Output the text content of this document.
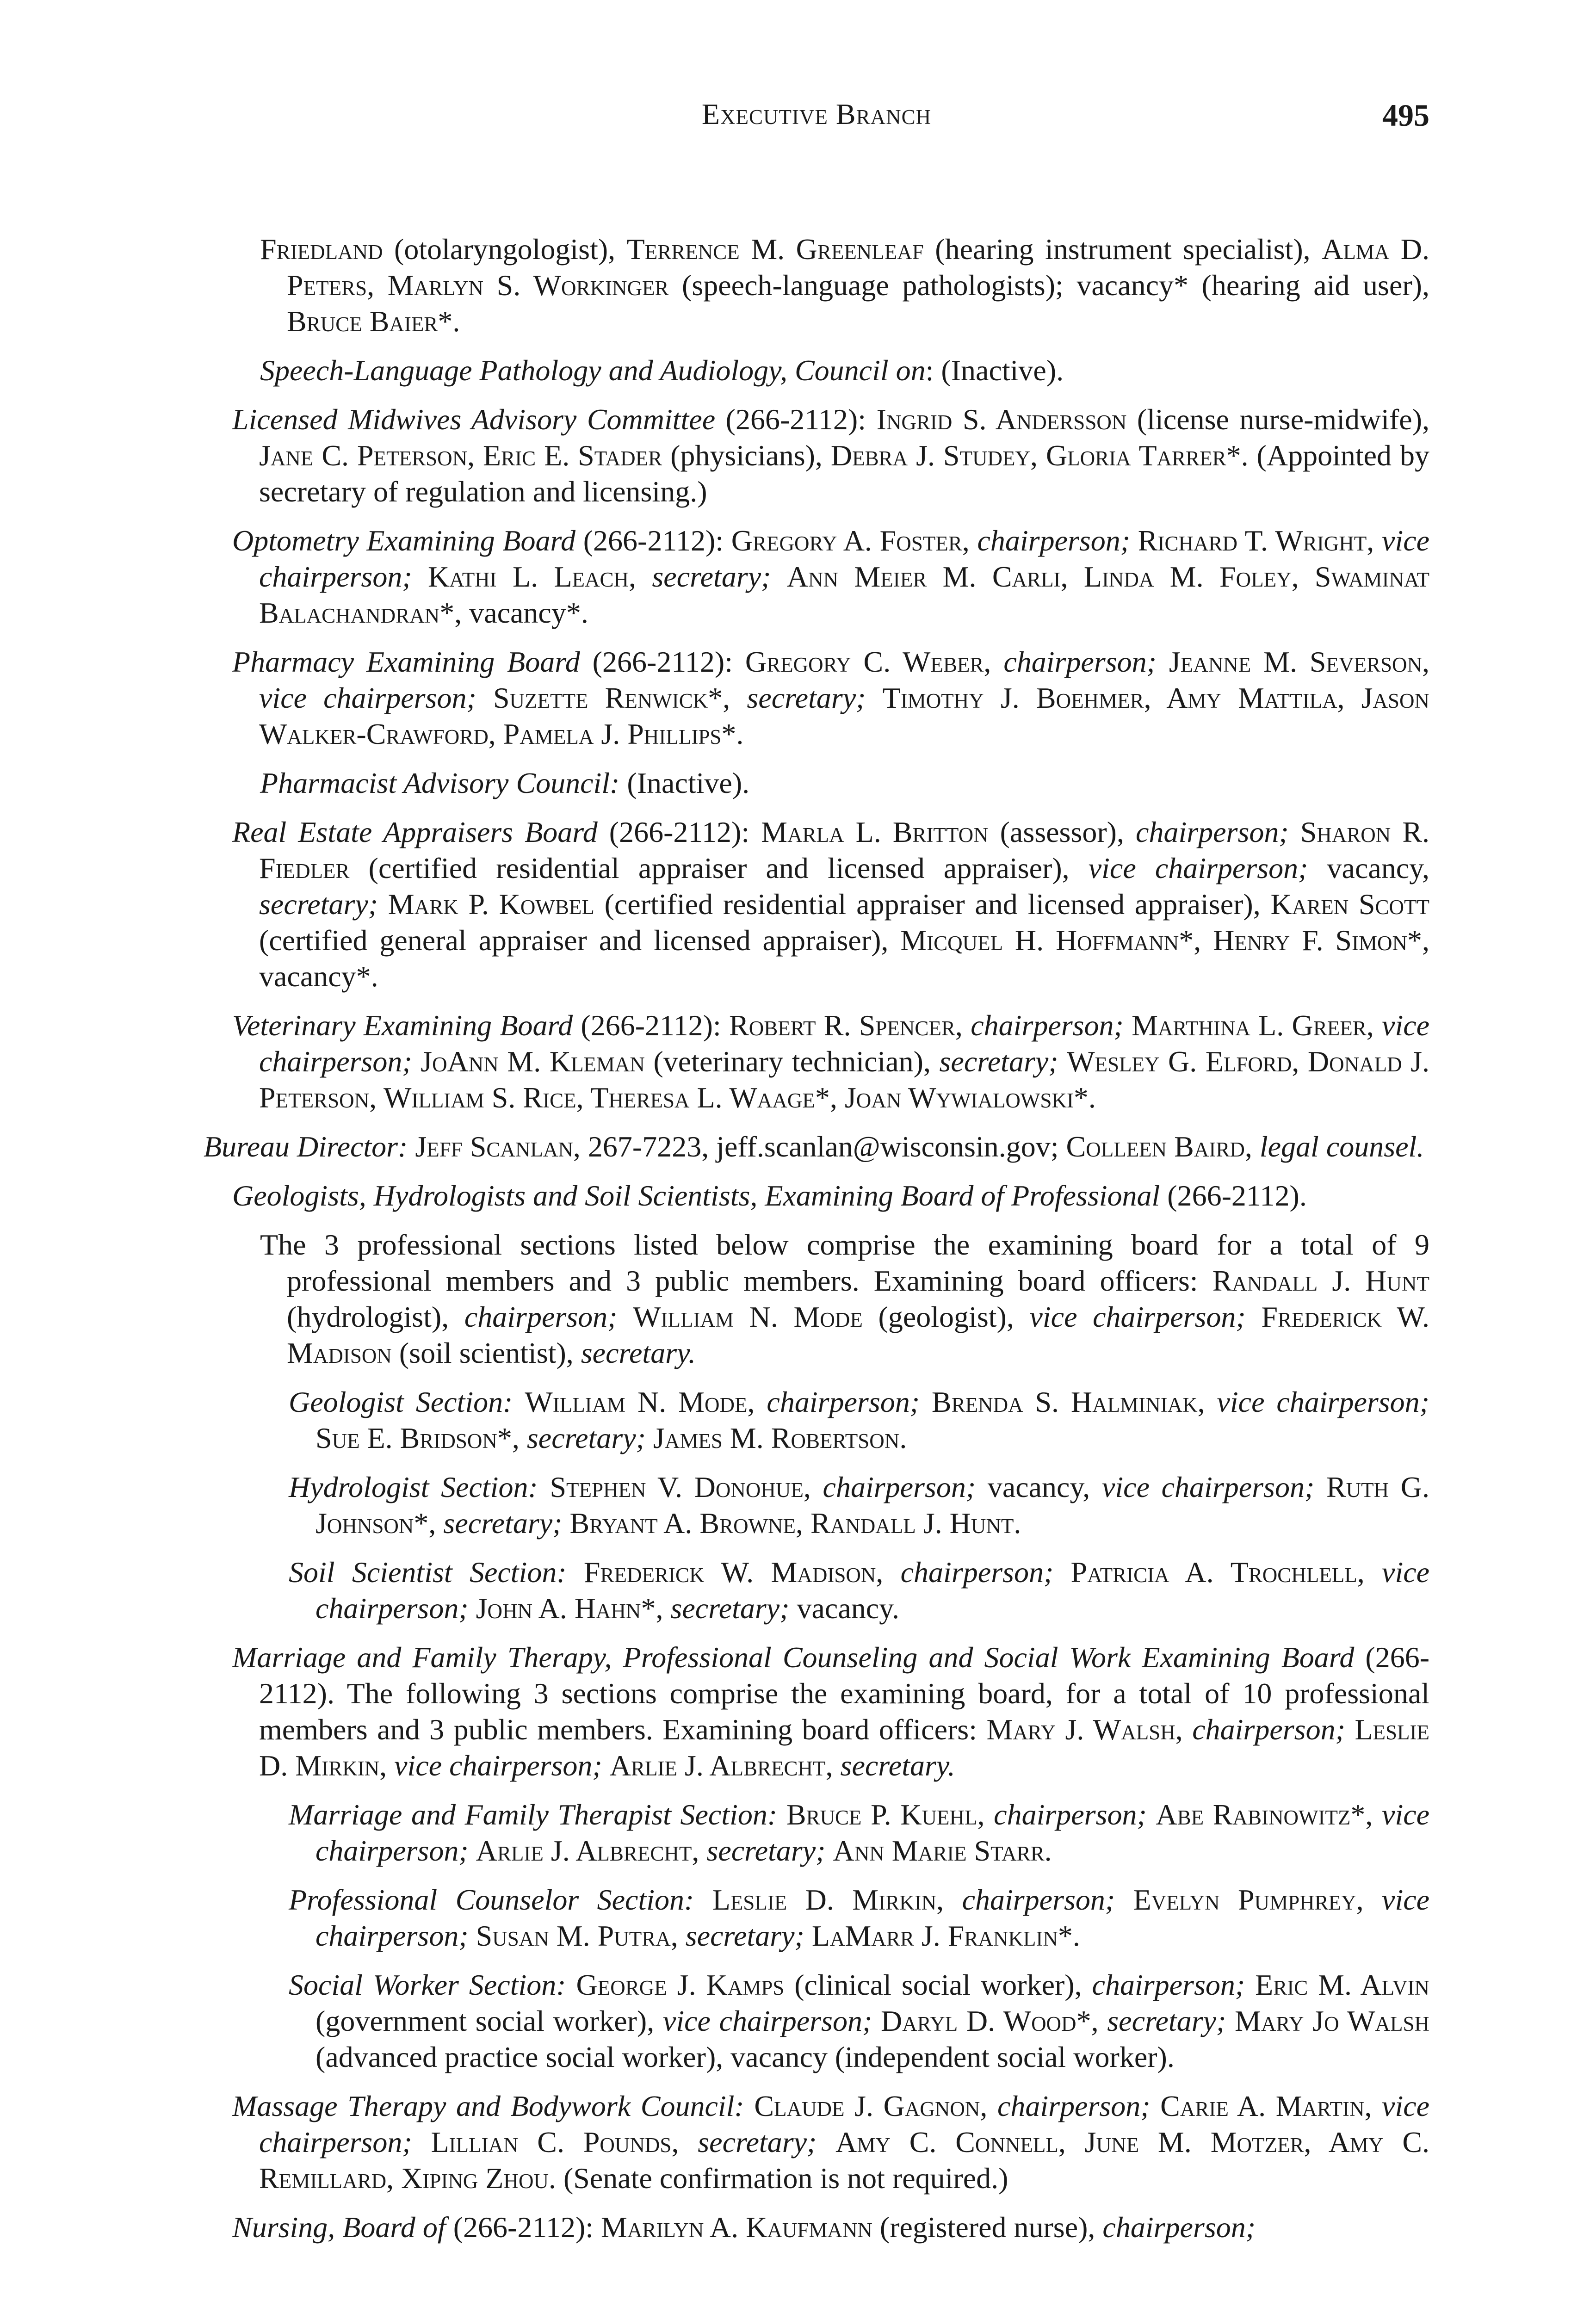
Executive Branch	495

Friedland (otolaryngologist), Terrence M. Greenleaf (hearing instrument specialist), Alma D. Peters, Marlyn S. Workinger (speech-language pathologists); vacancy* (hearing aid user), Bruce Baier*.

Speech-Language Pathology and Audiology, Council on: (Inactive).

Licensed Midwives Advisory Committee (266-2112): Ingrid S. Andersson (license nurse-midwife), Jane C. Peterson, Eric E. Stader (physicians), Debra J. Studey, Gloria Tarrer*. (Appointed by secretary of regulation and licensing.)

Optometry Examining Board (266-2112): Gregory A. Foster, chairperson; Richard T. Wright, vice chairperson; Kathi L. Leach, secretary; Ann Meier M. Carli, Linda M. Foley, Swaminat Balachandran*, vacancy*.

Pharmacy Examining Board (266-2112): Gregory C. Weber, chairperson; Jeanne M. Severson, vice chairperson; Suzette Renwick*, secretary; Timothy J. Boehmer, Amy Mattila, Jason Walker-Crawford, Pamela J. Phillips*.

Pharmacist Advisory Council: (Inactive).

Real Estate Appraisers Board (266-2112): Marla L. Britton (assessor), chairperson; Sharon R. Fiedler (certified residential appraiser and licensed appraiser), vice chairperson; vacancy, secretary; Mark P. Kowbel (certified residential appraiser and licensed appraiser), Karen Scott (certified general appraiser and licensed appraiser), Micquel H. Hoffmann*, Henry F. Simon*, vacancy*.

Veterinary Examining Board (266-2112): Robert R. Spencer, chairperson; Marthina L. Greer, vice chairperson; JoAnn M. Kleman (veterinary technician), secretary; Wesley G. Elford, Donald J. Peterson, William S. Rice, Theresa L. Waage*, Joan Wywialowski*.

Bureau Director: Jeff Scanlan, 267-7223, jeff.scanlan@wisconsin.gov; Colleen Baird, legal counsel.

Geologists, Hydrologists and Soil Scientists, Examining Board of Professional (266-2112).

The 3 professional sections listed below comprise the examining board for a total of 9 professional members and 3 public members. Examining board officers: Randall J. Hunt (hydrologist), chairperson; William N. Mode (geologist), vice chairperson; Frederick W. Madison (soil scientist), secretary.

Geologist Section: William N. Mode, chairperson; Brenda S. Halminiak, vice chairperson; Sue E. Bridson*, secretary; James M. Robertson.

Hydrologist Section: Stephen V. Donohue, chairperson; vacancy, vice chairperson; Ruth G. Johnson*, secretary; Bryant A. Browne, Randall J. Hunt.

Soil Scientist Section: Frederick W. Madison, chairperson; Patricia A. Trochlell, vice chairperson; John A. Hahn*, secretary; vacancy.

Marriage and Family Therapy, Professional Counseling and Social Work Examining Board (266-2112). The following 3 sections comprise the examining board, for a total of 10 professional members and 3 public members. Examining board officers: Mary J. Walsh, chairperson; Leslie D. Mirkin, vice chairperson; Arlie J. Albrecht, secretary.

Marriage and Family Therapist Section: Bruce P. Kuehl, chairperson; Abe Rabinowitz*, vice chairperson; Arlie J. Albrecht, secretary; Ann Marie Starr.

Professional Counselor Section: Leslie D. Mirkin, chairperson; Evelyn Pumphrey, vice chairperson; Susan M. Putra, secretary; LaMarr J. Franklin*.

Social Worker Section: George J. Kamps (clinical social worker), chairperson; Eric M. Alvin (government social worker), vice chairperson; Daryl D. Wood*, secretary; Mary Jo Walsh (advanced practice social worker), vacancy (independent social worker).

Massage Therapy and Bodywork Council: Claude J. Gagnon, chairperson; Carie A. Martin, vice chairperson; Lillian C. Pounds, secretary; Amy C. Connell, June M. Motzer, Amy C. Remillard, Xiping Zhou. (Senate confirmation is not required.)

Nursing, Board of (266-2112): Marilyn A. Kaufmann (registered nurse), chairperson;
